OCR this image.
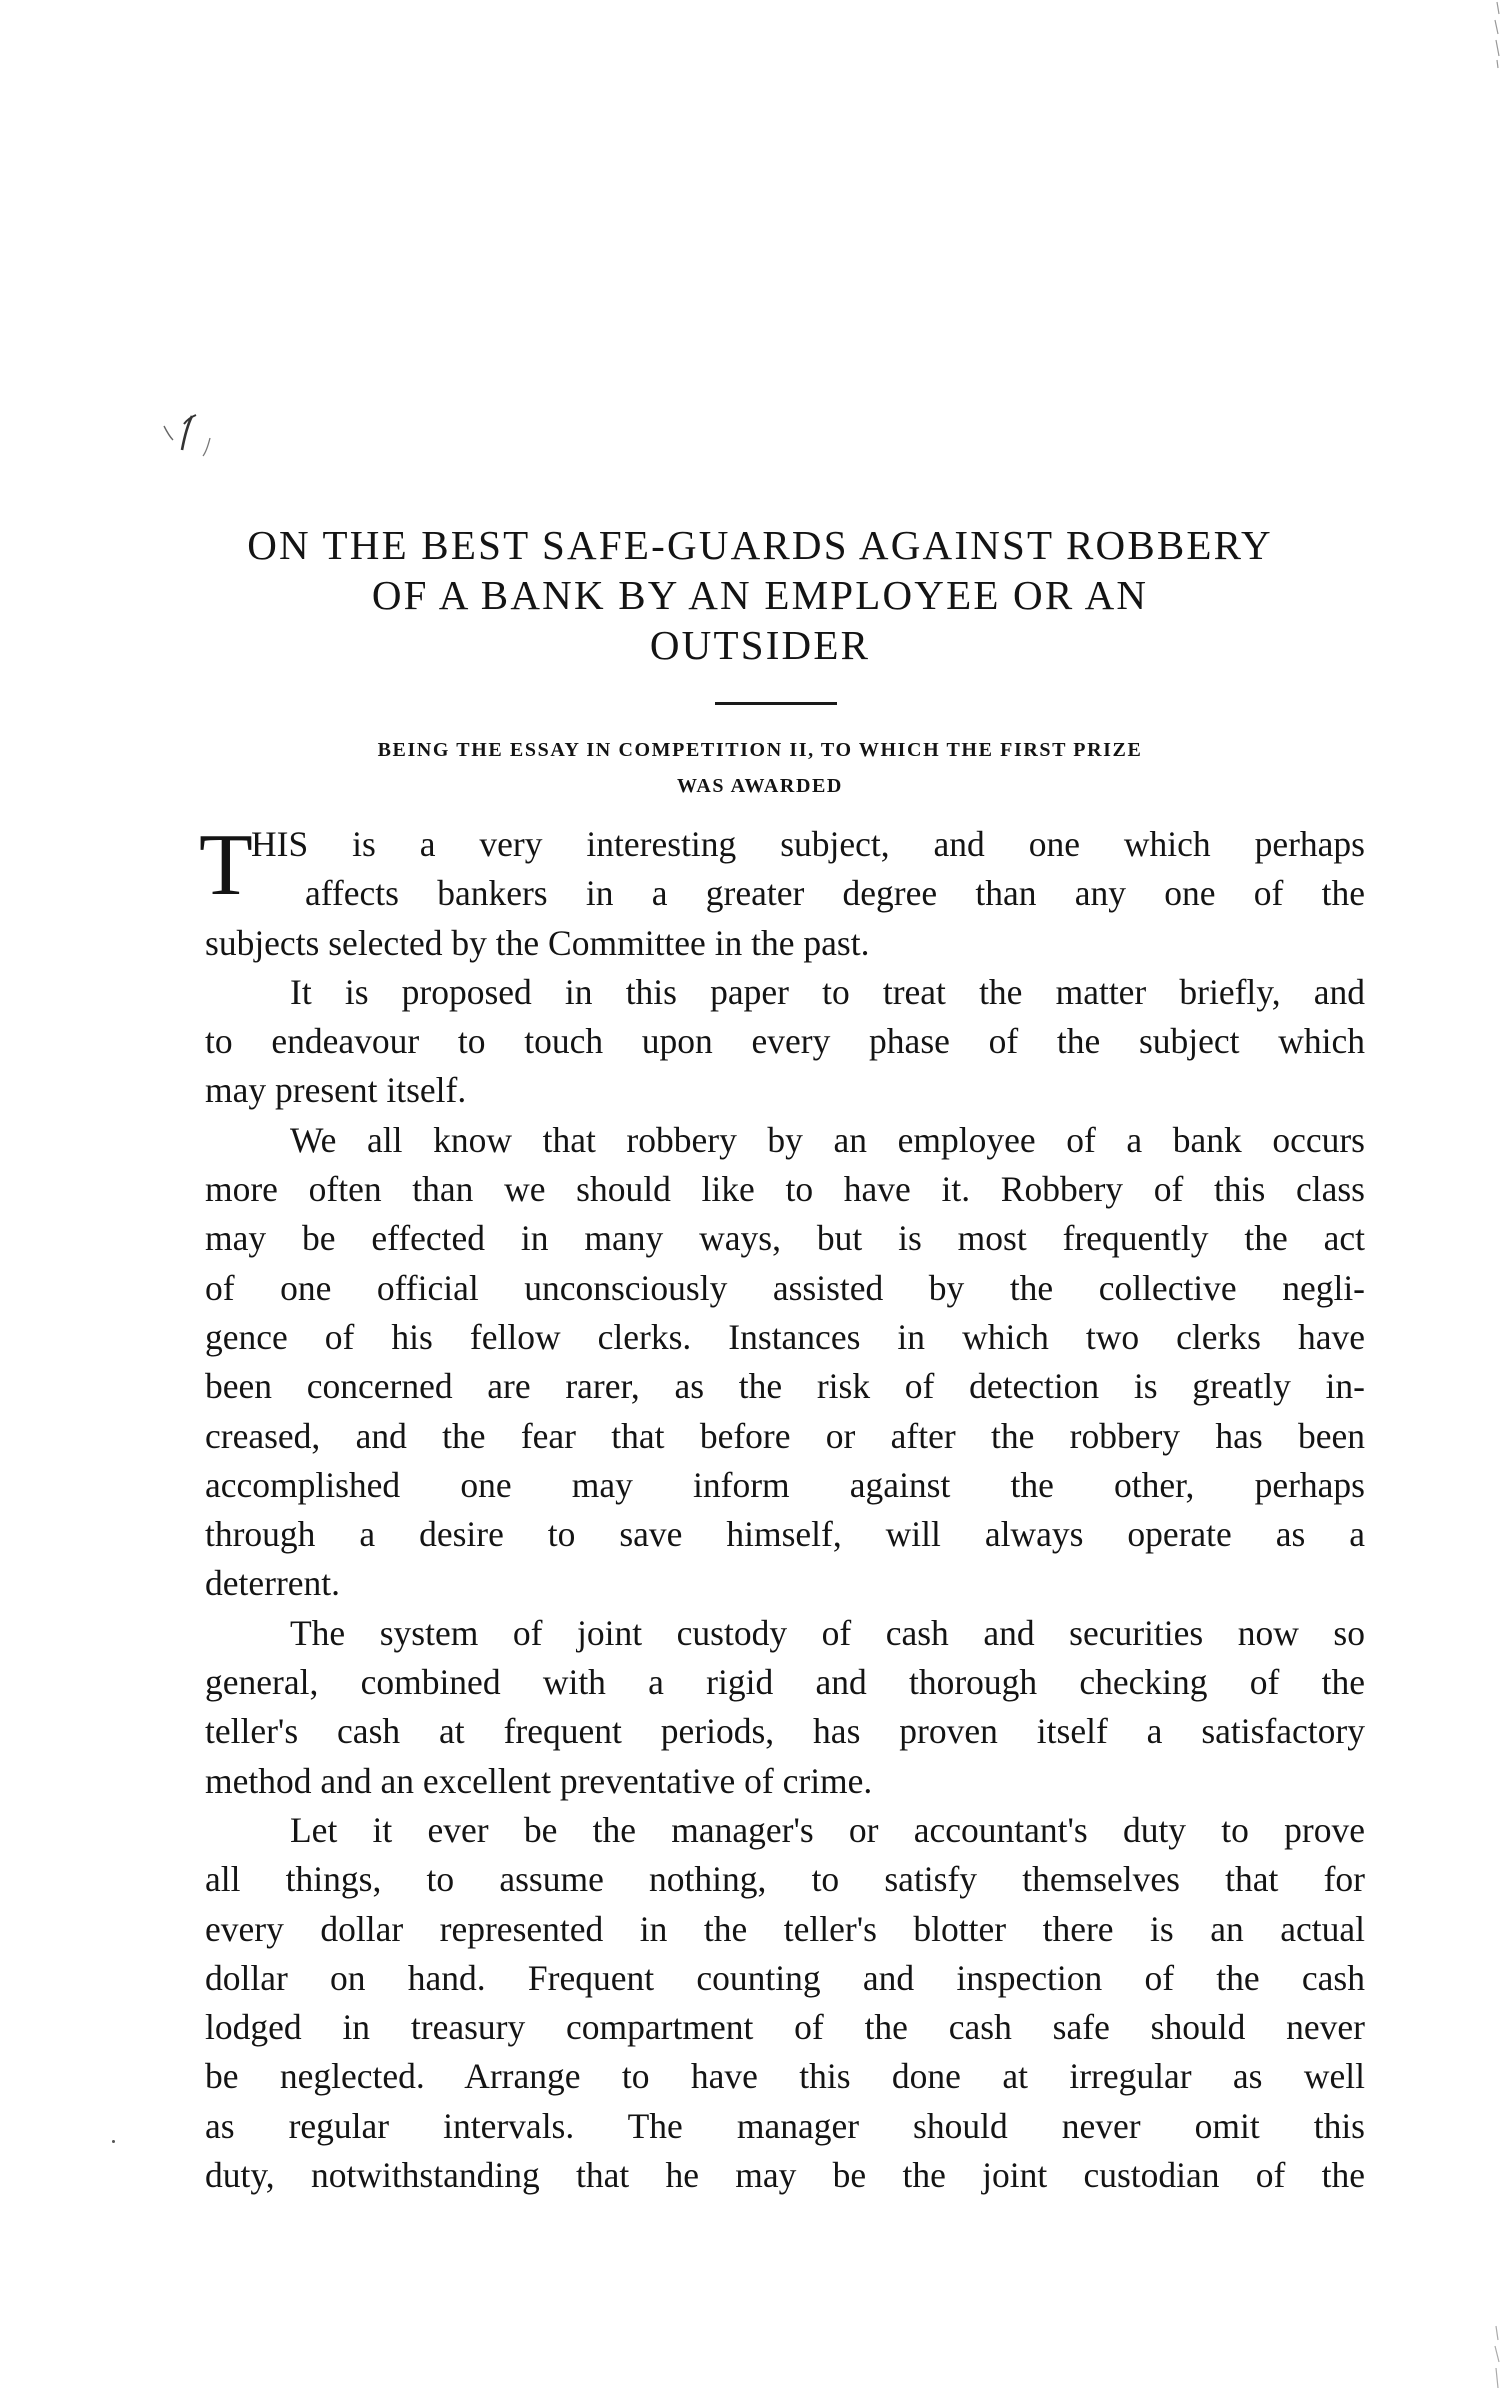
ON THE BEST SAFE-GUARDS AGAINST ROBBERY
OF A BANK BY AN EMPLOYEE OR AN
OUTSIDER
BEING THE ESSAY IN COMPETITION II, TO WHICH THE FIRST PRIZE
WAS AWARDED
T
HIS is a very interesting subject, and one which perhaps
affects bankers in a greater degree than any one of the
subjects selected by the Committee in the past.
It is proposed in this paper to treat the matter briefly, and
to endeavour to touch upon every phase of the subject which
may present itself.
We all know that robbery by an employee of a bank occurs
more often than we should like to have it. Robbery of this class
may be effected in many ways, but is most frequently the act
of one official unconsciously assisted by the collective negli-
gence of his fellow clerks. Instances in which two clerks have
been concerned are rarer, as the risk of detection is greatly in-
creased, and the fear that before or after the robbery has been
accomplished one may inform against the other, perhaps
through a desire to save himself, will always operate as a
deterrent.
The system of joint custody of cash and securities now so
general, combined with a rigid and thorough checking of the
teller's cash at frequent periods, has proven itself a satisfactory
method and an excellent preventative of crime.
Let it ever be the manager's or accountant's duty to prove
all things, to assume nothing, to satisfy themselves that for
every dollar represented in the teller's blotter there is an actual
dollar on hand. Frequent counting and inspection of the cash
lodged in treasury compartment of the cash safe should never
be neglected. Arrange to have this done at irregular as well
as regular intervals. The manager should never omit this
duty, notwithstanding that he may be the joint custodian of the
